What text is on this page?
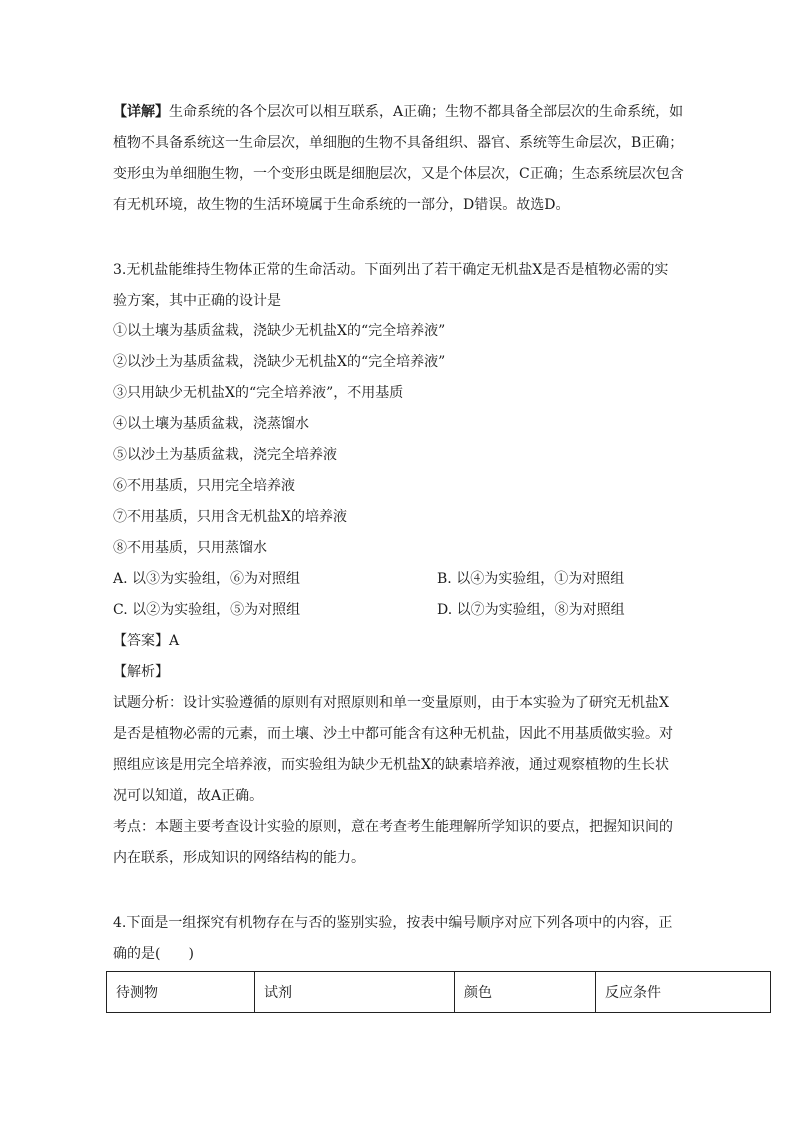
【详解】生命系统的各个层次可以相互联系，A正确；生物不都具备全部层次的生命系统，如
植物不具备系统这一生命层次，单细胞的生物不具备组织、器官、系统等生命层次，B正确；
变形虫为单细胞生物，一个变形虫既是细胞层次，又是个体层次，C正确；生态系统层次包含
有无机环境，故生物的生活环境属于生命系统的一部分，D错误。故选D。
3.无机盐能维持生物体正常的生命活动。下面列出了若干确定无机盐X是否是植物必需的实
验方案，其中正确的设计是
①以土壤为基质盆栽，浇缺少无机盐X的“完全培养液”
②以沙土为基质盆栽，浇缺少无机盐X的“完全培养液”
③只用缺少无机盐X的“完全培养液”，不用基质
④以土壤为基质盆栽，浇蒸馏水
⑤以沙土为基质盆栽，浇完全培养液
⑥不用基质，只用完全培养液
⑦不用基质，只用含无机盐X的培养液
⑧不用基质，只用蒸馏水
A. 以③为实验组，⑥为对照组	B. 以④为实验组，①为对照组
C. 以②为实验组，⑤为对照组	D. 以⑦为实验组，⑧为对照组
【答案】A
【解析】
试题分析：设计实验遵循的原则有对照原则和单一变量原则，由于本实验为了研究无机盐X
是否是植物必需的元素，而土壤、沙土中都可能含有这种无机盐，因此不用基质做实验。对
照组应该是用完全培养液，而实验组为缺少无机盐X的缺素培养液，通过观察植物的生长状
况可以知道，故A正确。
考点：本题主要考查设计实验的原则，意在考查考生能理解所学知识的要点，把握知识间的
内在联系，形成知识的网络结构的能力。
4.下面是一组探究有机物存在与否的鉴别实验，按表中编号顺序对应下列各项中的内容，正
确的是(　　)
待测物	试剂	颜色	反应条件
